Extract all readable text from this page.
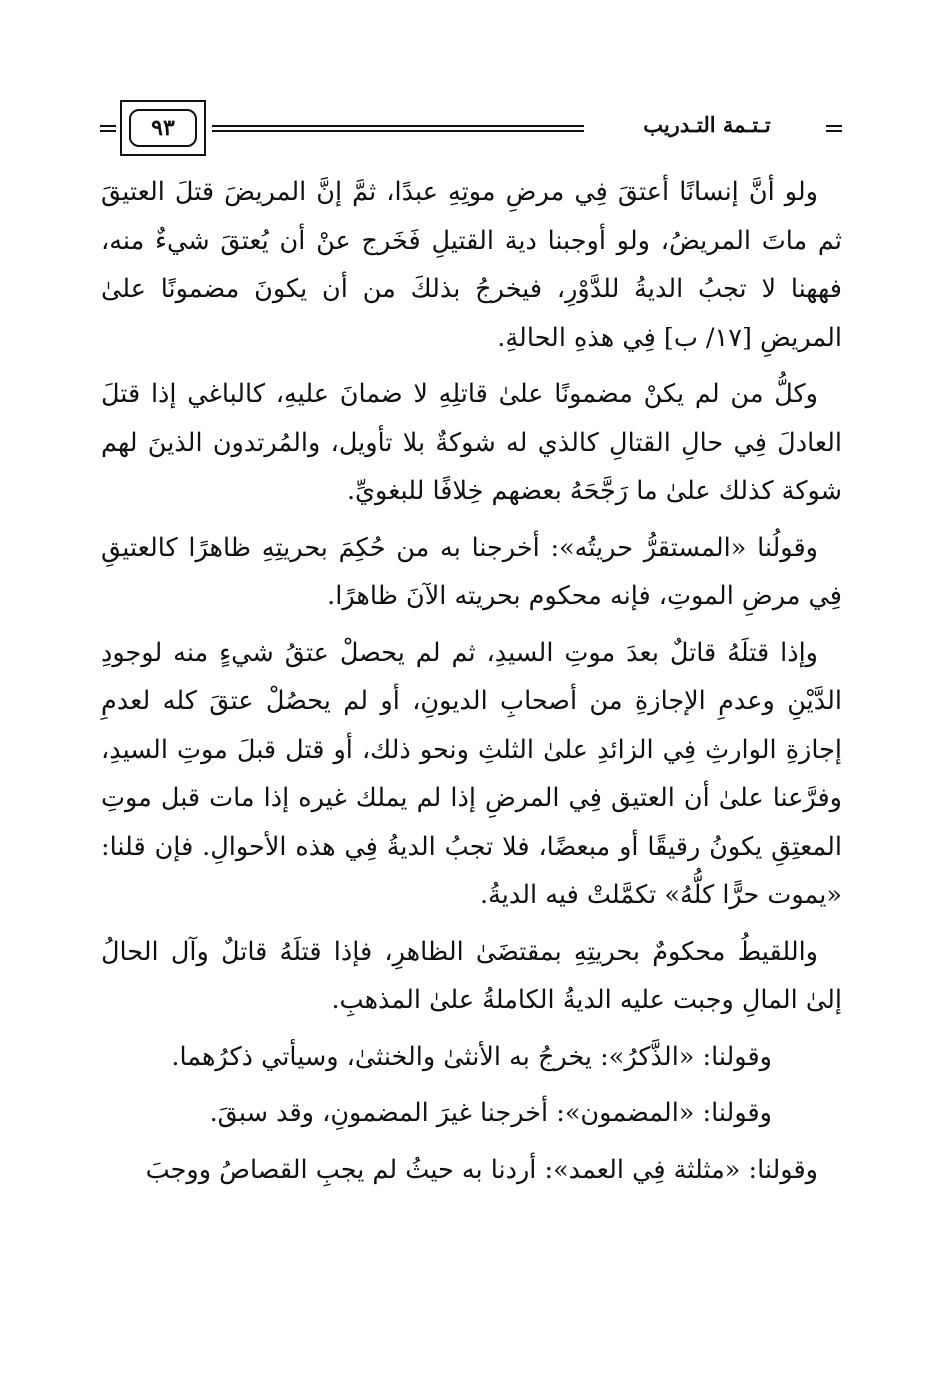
٩٣	تـتـمة التـدريب

ولو أنَّ إنسانًا أعتقَ فِي مرضِ موتِهِ عبدًا، ثمَّ إنَّ المريضَ قتلَ العتيقَ ثم ماتَ المريضُ، ولو أوجبنا دية القتيلِ فَخَرج عنْ أن يُعتقَ شيءٌ منه، فههنا لا تجبُ الديةُ للدَّوْرِ، فيخرجُ بذلكَ من أن يكونَ مضمونًا علىٰ المريضِ [١٧/ ب] فِي هذهِ الحالةِ.

وكلُّ من لم يكنْ مضمونًا علىٰ قاتلِهِ لا ضمانَ عليهِ، كالباغي إذا قتلَ العادلَ فِي حالِ القتالِ كالذي له شوكةٌ بلا تأويل، والمُرتدون الذينَ لهم شوكة كذلك علىٰ ما رَجَّحَهُ بعضهم خِلافًا للبغويِّ.

وقولُنا «المستقرُّ حريتُه»: أخرجنا به من حُكِمَ بحريتِهِ ظاهرًا كالعتيقِ فِي مرضِ الموتِ، فإنه محكوم بحريته الآنَ ظاهرًا.

وإذا قتلَهُ قاتلٌ بعدَ موتِ السيدِ، ثم لم يحصلْ عتقُ شيءٍ منه لوجودِ الدَّيْنِ وعدمِ الإجازةِ من أصحابِ الديونِ، أو لم يحصُلْ عتقَ كله لعدمِ إجازةِ الوارثِ فِي الزائدِ علىٰ الثلثِ ونحو ذلك، أو قتل قبلَ موتِ السيدِ، وفرَّعنا علىٰ أن العتيق فِي المرضِ إذا لم يملك غيره إذا مات قبل موتِ المعتِقِ يكونُ رقيقًا أو مبعضًا، فلا تجبُ الديةُ فِي هذه الأحوالِ. فإن قلنا: «يموت حرًّا كلُّهُ» تكمَّلتْ فيه الديةُ.

واللقيطُ محكومٌ بحريتِهِ بمقتضَىٰ الظاهرِ، فإذا قتلَهُ قاتلٌ وآل الحالُ إلىٰ المالِ وجبت عليه الديةُ الكاملةُ علىٰ المذهبِ.

وقولنا: «الذَّكرُ»: يخرجُ به الأنثىٰ والخنثىٰ، وسيأتي ذكرُهما.

وقولنا: «المضمون»: أخرجنا غيرَ المضمونِ، وقد سبقَ.

وقولنا: «مثلثة فِي العمد»: أردنا به حيثُ لم يجبِ القصاصُ ووجبَ
